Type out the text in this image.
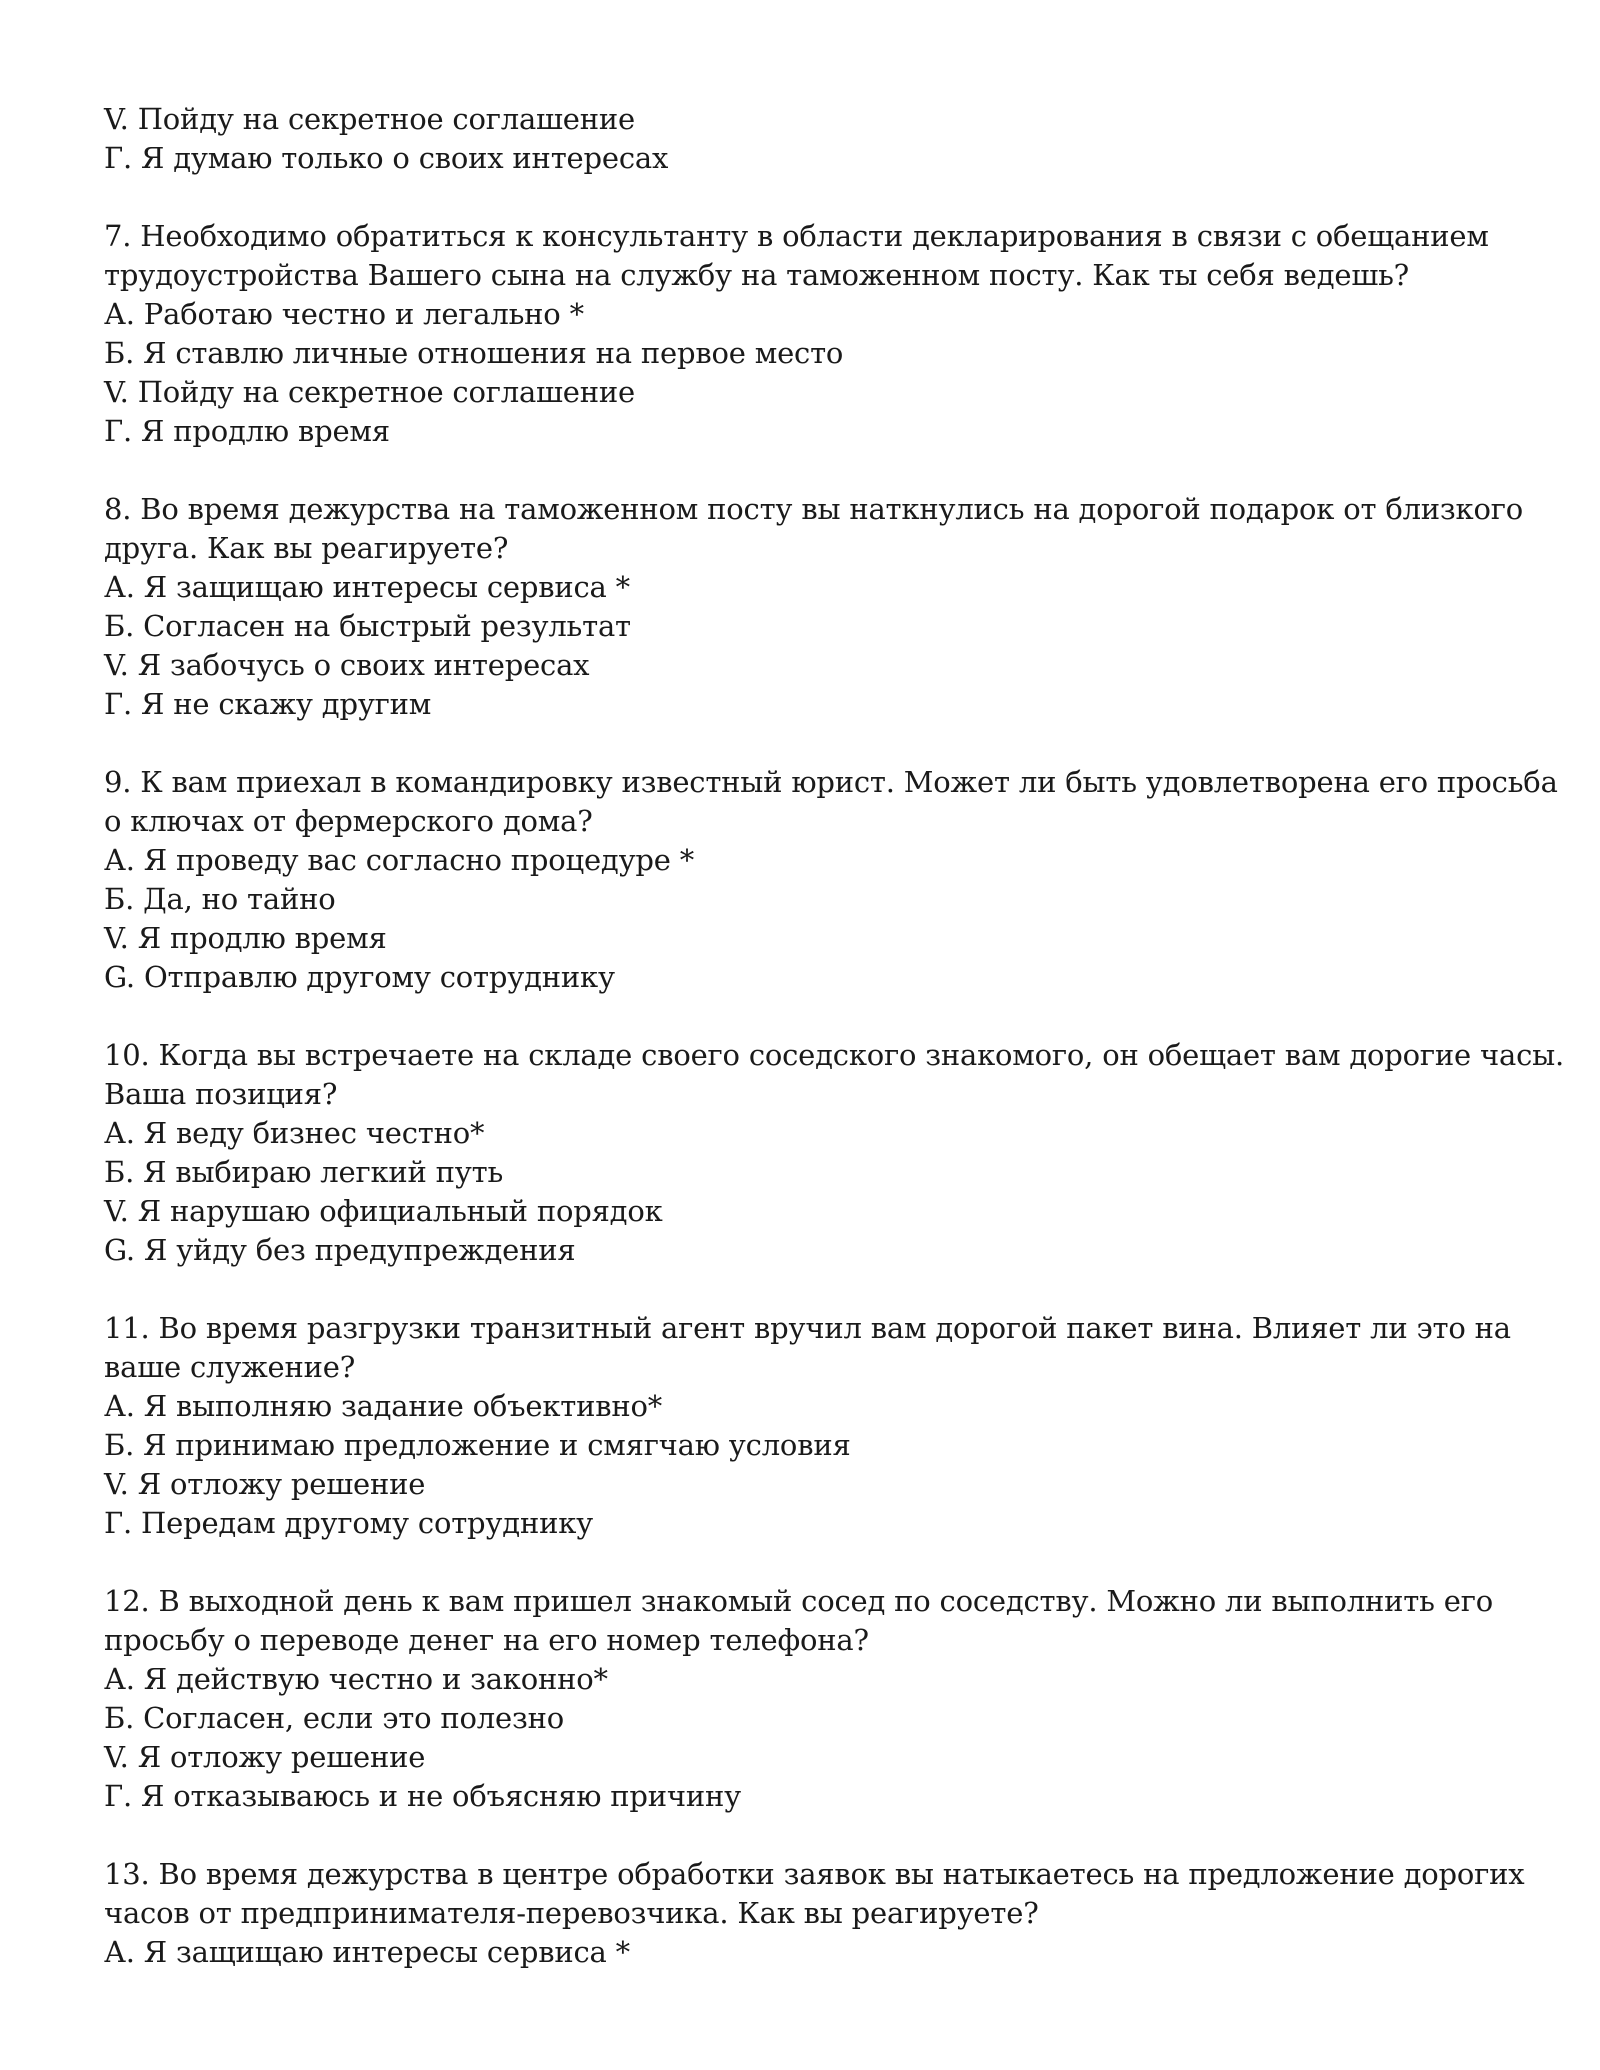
V. Пойду на секретное соглашение
Г. Я думаю только о своих интересах
7. Необходимо обратиться к консультанту в области декларирования в связи с обещанием
трудоустройства Вашего сына на службу на таможенном посту. Как ты себя ведешь?
А. Работаю честно и легально *
Б. Я ставлю личные отношения на первое место
V. Пойду на секретное соглашение
Г. Я продлю время
8. Во время дежурства на таможенном посту вы наткнулись на дорогой подарок от близкого
друга. Как вы реагируете?
А. Я защищаю интересы сервиса *
Б. Согласен на быстрый результат
V. Я забочусь о своих интересах
Г. Я не скажу другим
9. К вам приехал в командировку известный юрист. Может ли быть удовлетворена его просьба
о ключах от фермерского дома?
А. Я проведу вас согласно процедуре *
Б. Да, но тайно
V. Я продлю время
G. Отправлю другому сотруднику
10. Когда вы встречаете на складе своего соседского знакомого, он обещает вам дорогие часы.
Ваша позиция?
А. Я веду бизнес честно*
Б. Я выбираю легкий путь
V. Я нарушаю официальный порядок
G. Я уйду без предупреждения
11. Во время разгрузки транзитный агент вручил вам дорогой пакет вина. Влияет ли это на
ваше служение?
А. Я выполняю задание объективно*
Б. Я принимаю предложение и смягчаю условия
V. Я отложу решение
Г. Передам другому сотруднику
12. В выходной день к вам пришел знакомый сосед по соседству. Можно ли выполнить его
просьбу о переводе денег на его номер телефона?
А. Я действую честно и законно*
Б. Согласен, если это полезно
V. Я отложу решение
Г. Я отказываюсь и не объясняю причину
13. Во время дежурства в центре обработки заявок вы натыкаетесь на предложение дорогих
часов от предпринимателя-перевозчика. Как вы реагируете?
А. Я защищаю интересы сервиса *
